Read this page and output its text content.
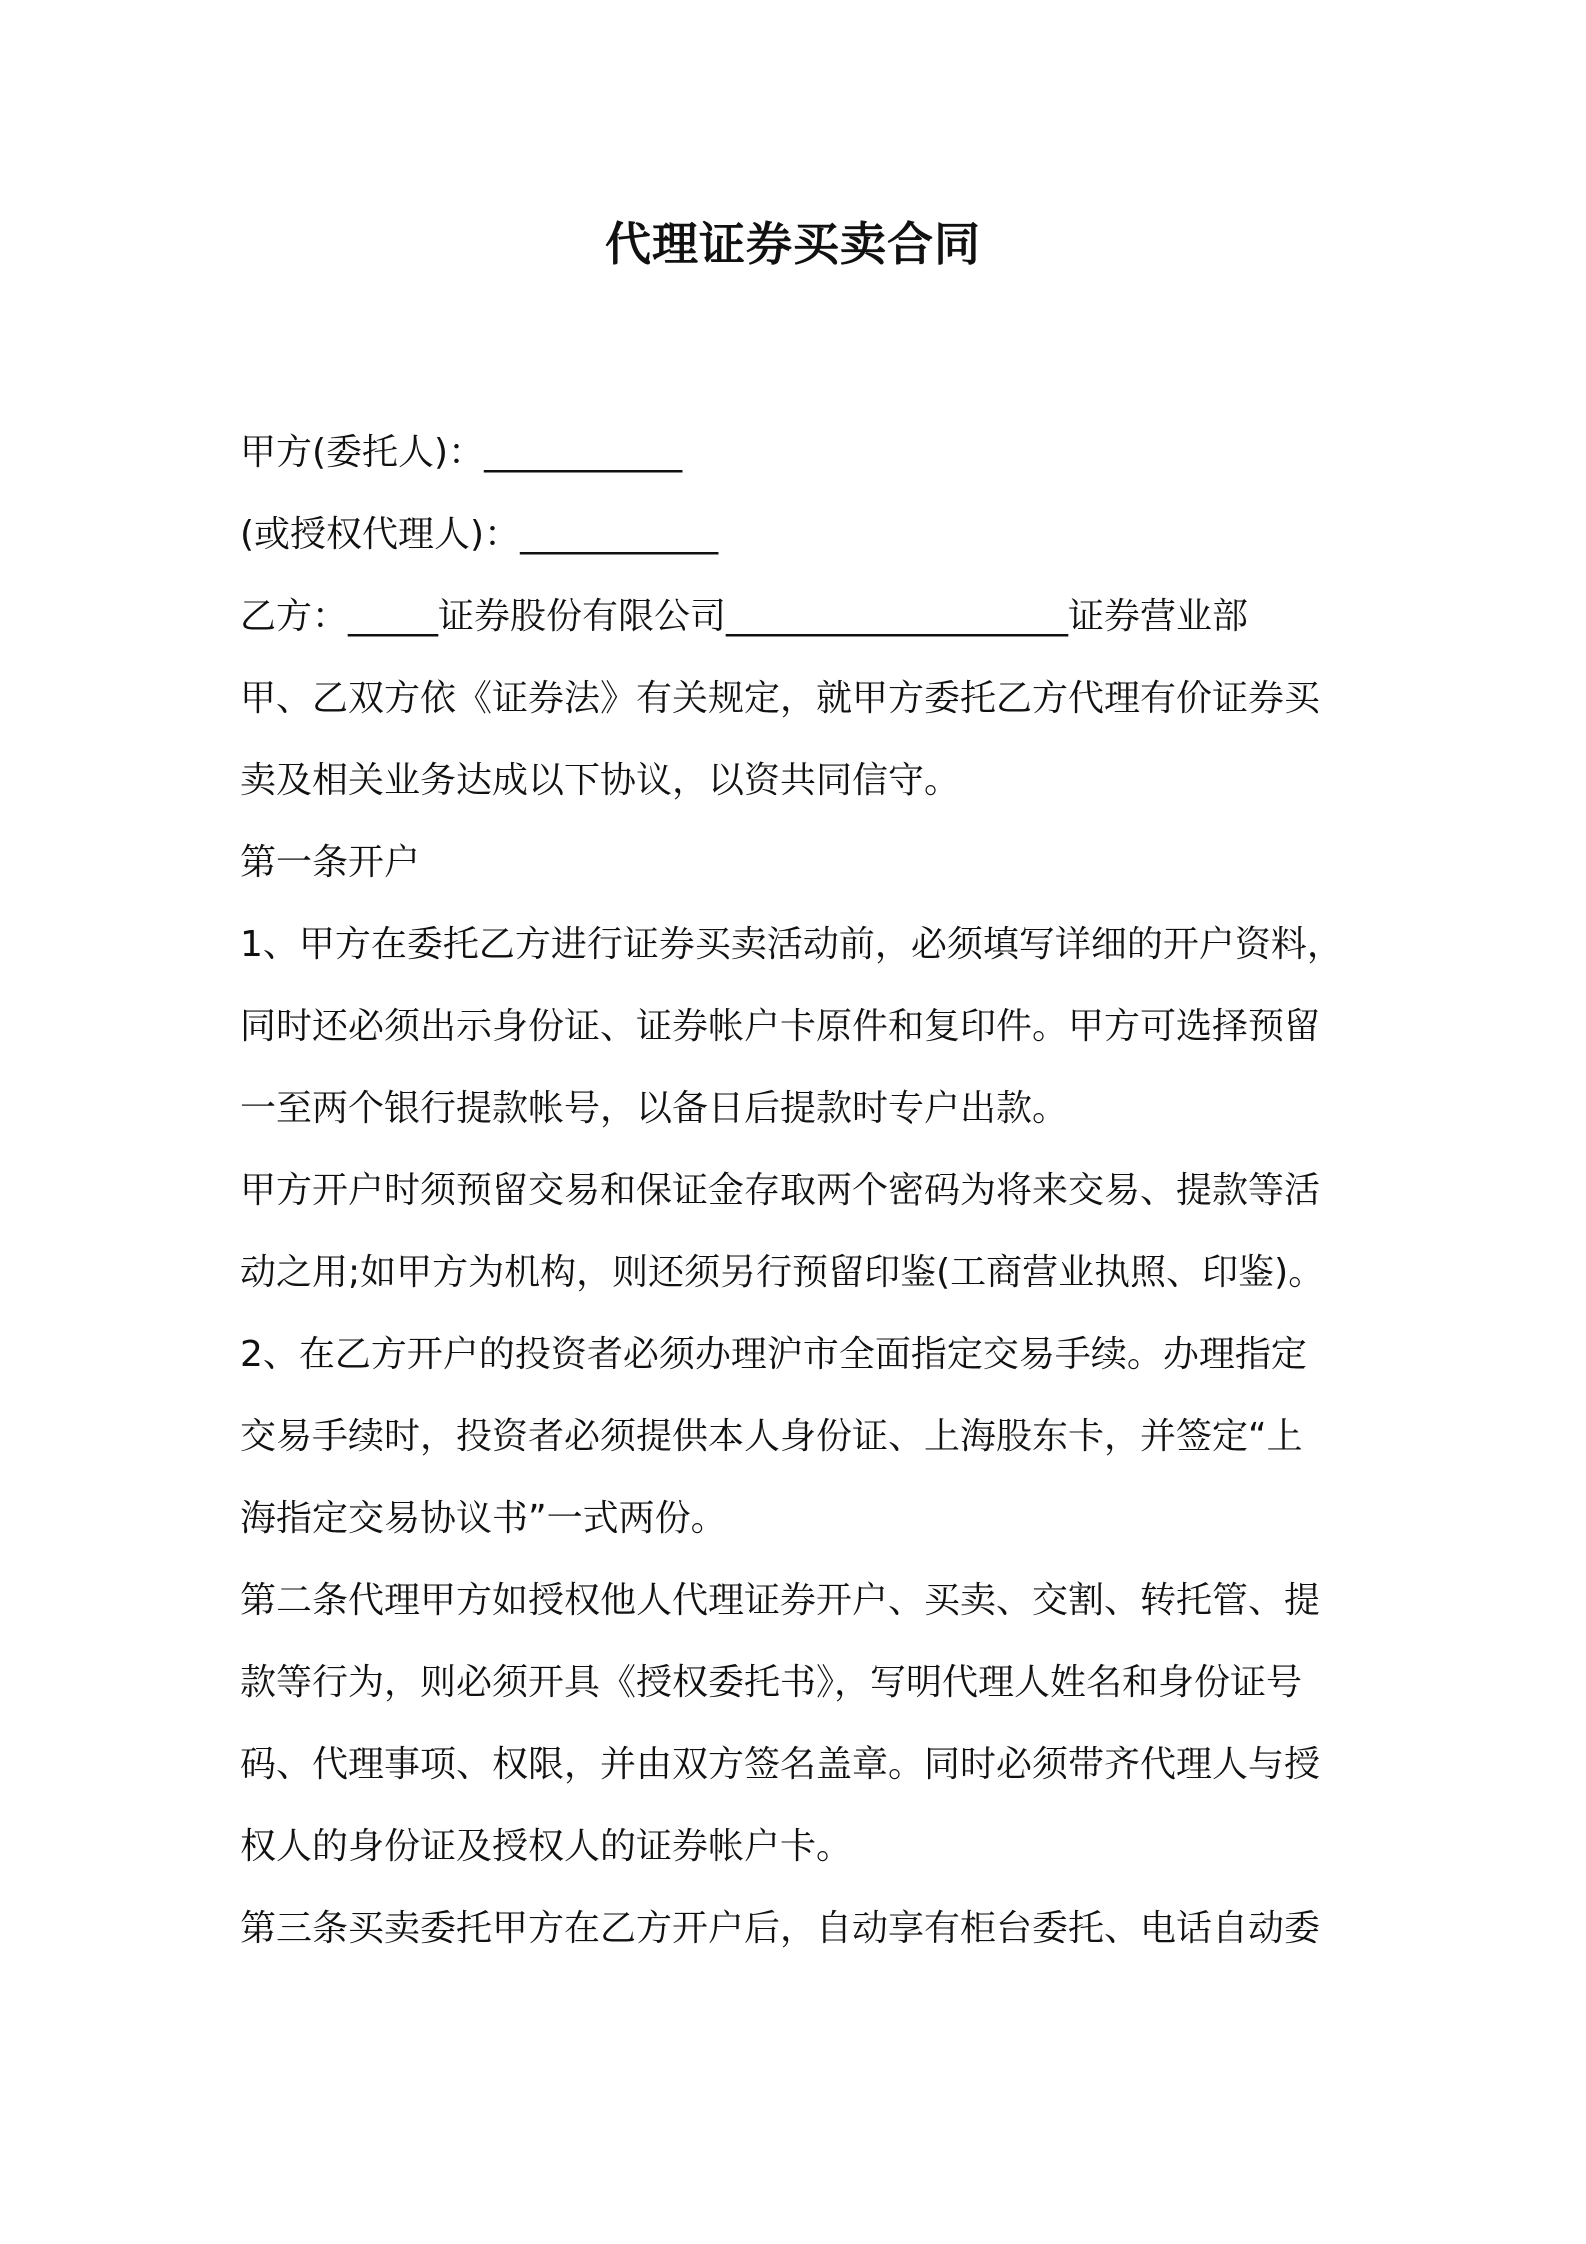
代理证券买卖合同
甲方(委托人)：___________
(或授权代理人)：___________
乙方：_____证券股份有限公司___________________证券营业部
甲、乙双方依《证券法》有关规定，就甲方委托乙方代理有价证券买
卖及相关业务达成以下协议，以资共同信守。
第一条开户
1、甲方在委托乙方进行证券买卖活动前，必须填写详细的开户资料，
同时还必须出示身份证、证券帐户卡原件和复印件。甲方可选择预留
一至两个银行提款帐号，以备日后提款时专户出款。
甲方开户时须预留交易和保证金存取两个密码为将来交易、提款等活
动之用;如甲方为机构，则还须另行预留印鉴(工商营业执照、印鉴)。
2、在乙方开户的投资者必须办理沪市全面指定交易手续。办理指定
交易手续时，投资者必须提供本人身份证、上海股东卡，并签定“上
海指定交易协议书”一式两份。
第二条代理甲方如授权他人代理证券开户、买卖、交割、转托管、提
款等行为，则必须开具《授权委托书》，写明代理人姓名和身份证号
码、代理事项、权限，并由双方签名盖章。同时必须带齐代理人与授
权人的身份证及授权人的证券帐户卡。
第三条买卖委托甲方在乙方开户后，自动享有柜台委托、电话自动委
